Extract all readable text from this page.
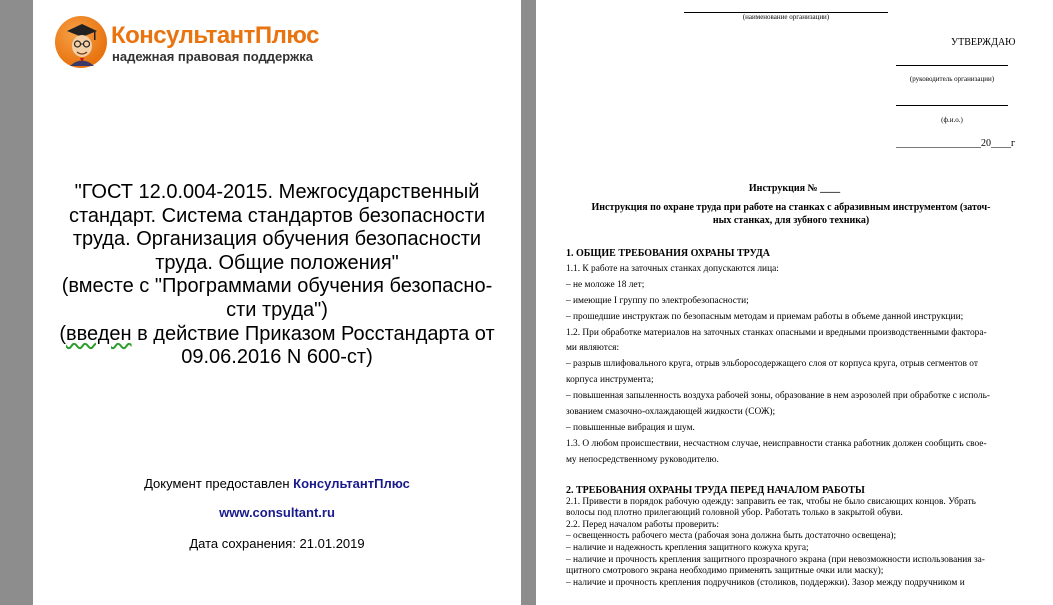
КонсультантПлюс
надежная правовая поддержка
"ГОСТ 12.0.004-2015. Межгосударственный
стандарт. Система стандартов безопасности
труда. Организация обучения безопасности
труда. Общие положения"
(вместе с "Программами обучения безопасно-
сти труда")
(введен в действие Приказом Росстандарта от
09.06.2016 N 600-ст)
Документ предоставлен КонсультантПлюс
www.consultant.ru
Дата сохранения: 21.01.2019
(наименование организации)
УТВЕРЖДАЮ
(руководитель организации)
(ф.и.о.)
_________________20____г
Инструкция № ____
Инструкция по охране труда при работе на станках с абразивным инструментом (заточ-
ных станках, для зубного техника)
1. ОБЩИЕ ТРЕБОВАНИЯ ОХРАНЫ ТРУДА
1.1. К работе на заточных станках допускаются лица:
– не моложе 18 лет;
– имеющие I группу по электробезопасности;
– прошедшие инструктаж по безопасным методам и приемам работы в объеме данной инструкции;
1.2. При обработке материалов на заточных станках опасными и вредными производственными фактора-
ми являются:
– разрыв шлифовального круга, отрыв эльборосодержащего слоя от корпуса круга, отрыв сегментов от
корпуса инструмента;
– повышенная запыленность воздуха рабочей зоны, образование в нем аэрозолей при обработке с исполь-
зованием смазочно-охлаждающей жидкости (СОЖ);
– повышенные вибрация и шум.
1.3. О любом происшествии, несчастном случае, неисправности станка работник должен сообщить свое-
му непосредственному руководителю.
2. ТРЕБОВАНИЯ ОХРАНЫ ТРУДА ПЕРЕД НАЧАЛОМ РАБОТЫ
2.1. Привести в порядок рабочую одежду: заправить ее так, чтобы не было свисающих концов. Убрать
волосы под плотно прилегающий головной убор. Работать только в закрытой обуви.
2.2. Перед началом работы проверить:
– освещенность рабочего места (рабочая зона должна быть достаточно освещена);
– наличие и надежность крепления защитного кожуха круга;
– наличие и прочность крепления защитного прозрачного экрана (при невозможности использования за-
щитного смотрового экрана необходимо применять защитные очки или маску);
– наличие и прочность крепления подручников (столиков, поддержки). Зазор между подручником и
